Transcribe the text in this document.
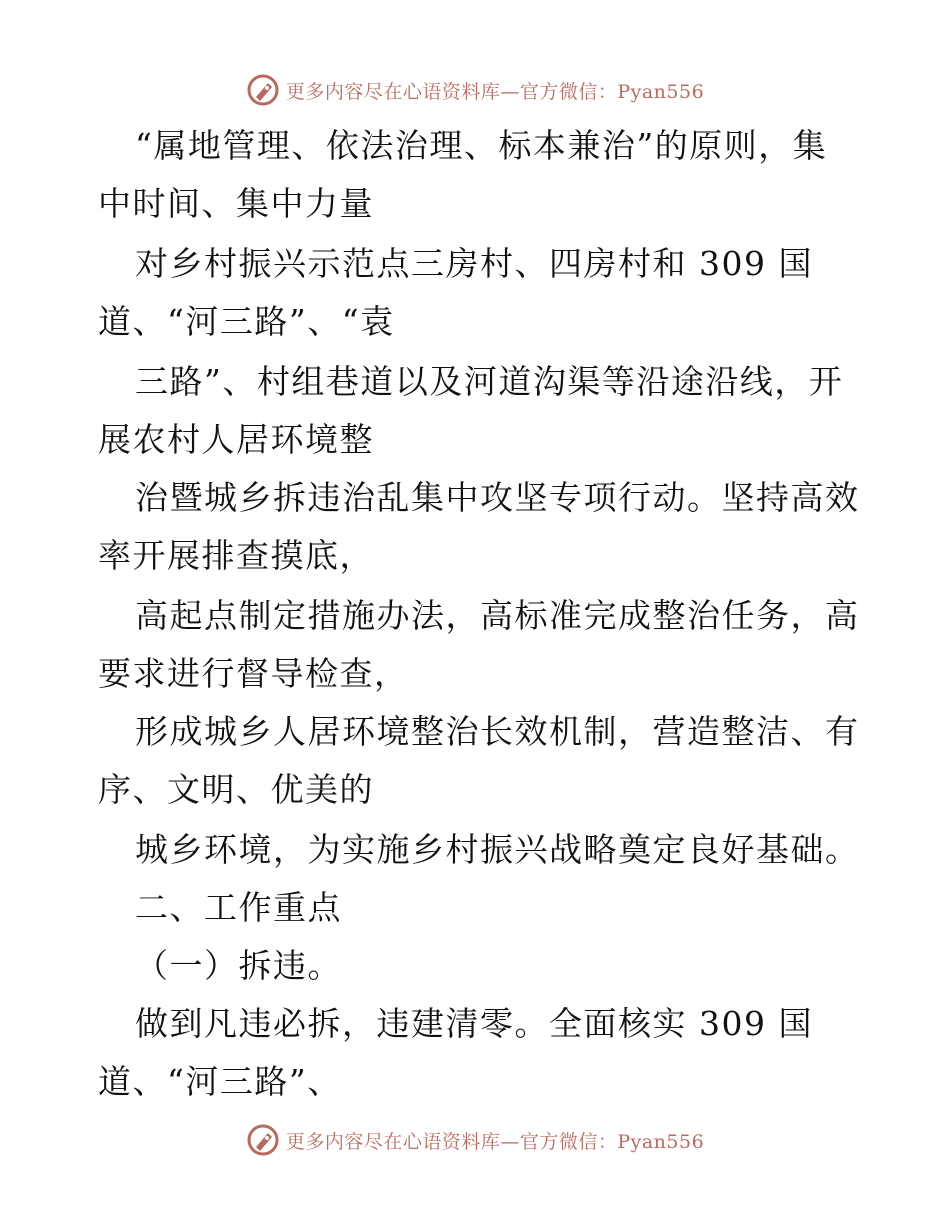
更多内容尽在心语资料库—官方微信：Pyan556
“属地管理、依法治理、标本兼治”的原则，集
中时间、集中力量
对乡村振兴示范点三房村、四房村和 309 国
道、“河三路”、“袁
三路”、村组巷道以及河道沟渠等沿途沿线，开
展农村人居环境整
治暨城乡拆违治乱集中攻坚专项行动。坚持高效
率开展排查摸底，
高起点制定措施办法，高标准完成整治任务，高
要求进行督导检查，
形成城乡人居环境整治长效机制，营造整洁、有
序、文明、优美的
城乡环境，为实施乡村振兴战略奠定良好基础。
二、工作重点
（一）拆违。
做到凡违必拆，违建清零。全面核实 309 国
道、“河三路”、
更多内容尽在心语资料库—官方微信：Pyan556
